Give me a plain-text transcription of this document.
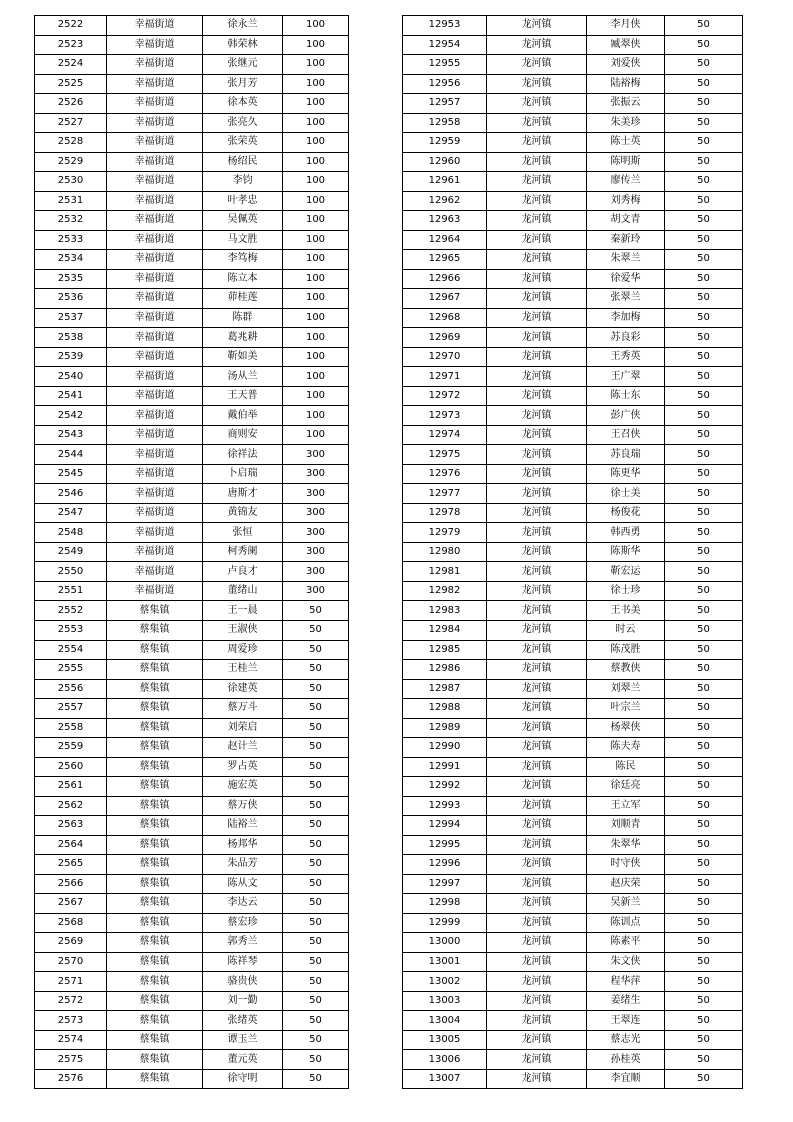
2522	幸福街道	徐永兰	100
2523	幸福街道	韩荣林	100
2524	幸福街道	张继元	100
2525	幸福街道	张月芳	100
2526	幸福街道	徐本英	100
2527	幸福街道	张亮久	100
2528	幸福街道	张荣英	100
2529	幸福街道	杨绍民	100
2530	幸福街道	李钧	100
2531	幸福街道	叶孝忠	100
2532	幸福街道	吴佩英	100
2533	幸福街道	马文胜	100
2534	幸福街道	李笃梅	100
2535	幸福街道	陈立本	100
2536	幸福街道	茆桂莲	100
2537	幸福街道	陈群	100
2538	幸福街道	葛兆耕	100
2539	幸福街道	靳如美	100
2540	幸福街道	汤从兰	100
2541	幸福街道	王天普	100
2542	幸福街道	戴伯举	100
2543	幸福街道	商则安	100
2544	幸福街道	徐祥法	300
2545	幸福街道	卜启瑞	300
2546	幸福街道	唐斯才	300
2547	幸福街道	黄锦友	300
2548	幸福街道	张恒	300
2549	幸福街道	柯秀阑	300
2550	幸福街道	卢良才	300
2551	幸福街道	董绪山	300
2552	蔡集镇	王一晨	50
2553	蔡集镇	王淑侠	50
2554	蔡集镇	周爱珍	50
2555	蔡集镇	王桂兰	50
2556	蔡集镇	徐建英	50
2557	蔡集镇	蔡万斗	50
2558	蔡集镇	刘荣启	50
2559	蔡集镇	赵计兰	50
2560	蔡集镇	罗占英	50
2561	蔡集镇	施宏英	50
2562	蔡集镇	蔡万侠	50
2563	蔡集镇	陆裕兰	50
2564	蔡集镇	杨邦华	50
2565	蔡集镇	朱品芳	50
2566	蔡集镇	陈从文	50
2567	蔡集镇	李达云	50
2568	蔡集镇	蔡宏珍	50
2569	蔡集镇	郭秀兰	50
2570	蔡集镇	陈祥琴	50
2571	蔡集镇	骆贵侠	50
2572	蔡集镇	刘一勤	50
2573	蔡集镇	张绪英	50
2574	蔡集镇	谭玉兰	50
2575	蔡集镇	董元英	50
2576	蔡集镇	徐守明	50
12953	龙河镇	李月侠	50
12954	龙河镇	臧翠侠	50
12955	龙河镇	刘爱侠	50
12956	龙河镇	陆裕梅	50
12957	龙河镇	张振云	50
12958	龙河镇	朱美珍	50
12959	龙河镇	陈士英	50
12960	龙河镇	陈明斯	50
12961	龙河镇	廖传兰	50
12962	龙河镇	刘秀梅	50
12963	龙河镇	胡文青	50
12964	龙河镇	秦新玲	50
12965	龙河镇	朱翠兰	50
12966	龙河镇	徐爱华	50
12967	龙河镇	张翠兰	50
12968	龙河镇	李加梅	50
12969	龙河镇	苏良彩	50
12970	龙河镇	王秀英	50
12971	龙河镇	王广翠	50
12972	龙河镇	陈士东	50
12973	龙河镇	彭广侠	50
12974	龙河镇	王召侠	50
12975	龙河镇	苏良瑞	50
12976	龙河镇	陈更华	50
12977	龙河镇	徐士美	50
12978	龙河镇	杨俊花	50
12979	龙河镇	韩西勇	50
12980	龙河镇	陈斯华	50
12981	龙河镇	靳宏运	50
12982	龙河镇	徐士珍	50
12983	龙河镇	王书美	50
12984	龙河镇	时云	50
12985	龙河镇	陈茂胜	50
12986	龙河镇	蔡教侠	50
12987	龙河镇	刘翠兰	50
12988	龙河镇	叶宗兰	50
12989	龙河镇	杨翠侠	50
12990	龙河镇	陈夫寿	50
12991	龙河镇	陈民	50
12992	龙河镇	徐廷亮	50
12993	龙河镇	王立军	50
12994	龙河镇	刘顺青	50
12995	龙河镇	朱翠华	50
12996	龙河镇	时守侠	50
12997	龙河镇	赵庆荣	50
12998	龙河镇	吴新兰	50
12999	龙河镇	陈训点	50
13000	龙河镇	陈素平	50
13001	龙河镇	朱文侠	50
13002	龙河镇	程华萍	50
13003	龙河镇	姜绪生	50
13004	龙河镇	王翠连	50
13005	龙河镇	蔡志光	50
13006	龙河镇	孙桂英	50
13007	龙河镇	李宜顺	50
